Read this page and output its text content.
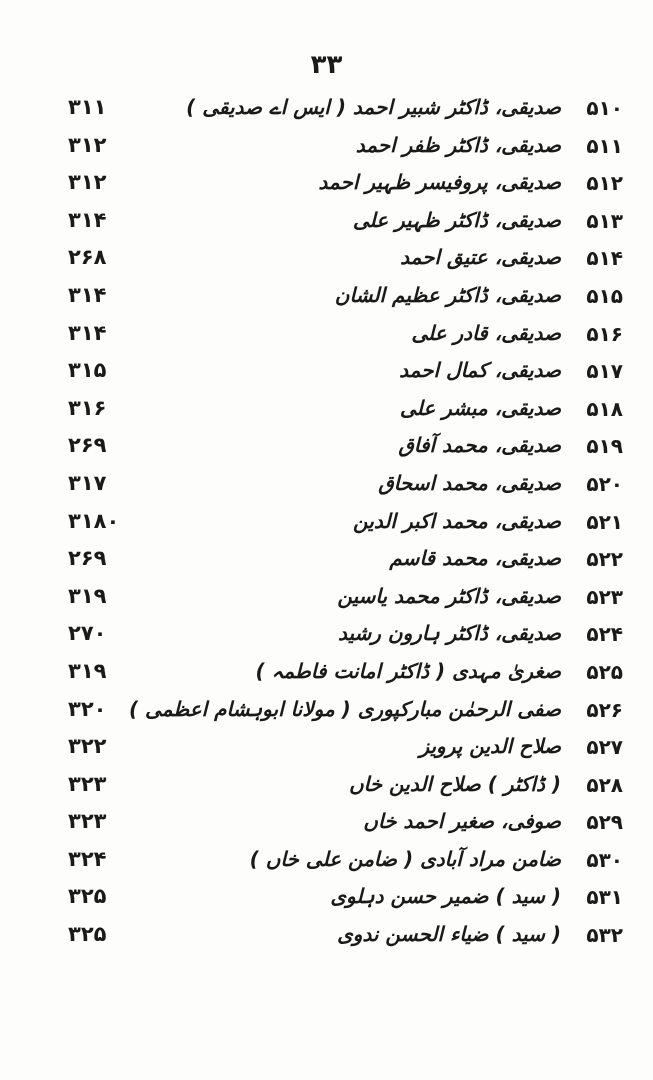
۳۳
۳۱۱	صدیقی، ڈاکٹر شبیر احمد ( ایس اے صدیقی )	۵۱۰
۳۱۲	صدیقی، ڈاکٹر ظفر احمد	۵۱۱
۳۱۲	صدیقی، پروفیسر ظہیر احمد	۵۱۲
۳۱۴	صدیقی، ڈاکٹر ظہیر علی	۵۱۳
۲۶۸	صدیقی، عتیق احمد	۵۱۴
۳۱۴	صدیقی، ڈاکٹر عظیم الشان	۵۱۵
۳۱۴	صدیقی، قادر علی	۵۱۶
۳۱۵	صدیقی، کمال احمد	۵۱۷
۳۱۶	صدیقی، مبشر علی	۵۱۸
۲۶۹	صدیقی، محمد آفاق	۵۱۹
۳۱۷	صدیقی، محمد اسحاق	۵۲۰
۳۱۸۰	صدیقی، محمد اکبر الدین	۵۲۱
۲۶۹	صدیقی، محمد قاسم	۵۲۲
۳۱۹	صدیقی، ڈاکٹر محمد یاسین	۵۲۳
۲۷۰	صدیقی، ڈاکٹر ہارون رشید	۵۲۴
۳۱۹	صغریٰ مہدی ( ڈاکٹر امانت فاطمہ )	۵۲۵
۳۲۰	صفی الرحمٰن مبارکپوری ( مولانا ابوہشام اعظمی )	۵۲۶
۳۲۲	صلاح الدین پرویز	۵۲۷
۳۲۳	( ڈاکٹر ) صلاح الدین خاں	۵۲۸
۳۲۳	صوفی، صغیر احمد خاں	۵۲۹
۳۲۴	ضامن مراد آبادی ( ضامن علی خاں )	۵۳۰
۳۲۵	( سید ) ضمیر حسن دہلوی	۵۳۱
۳۲۵	( سید ) ضیاء الحسن ندوی	۵۳۲
